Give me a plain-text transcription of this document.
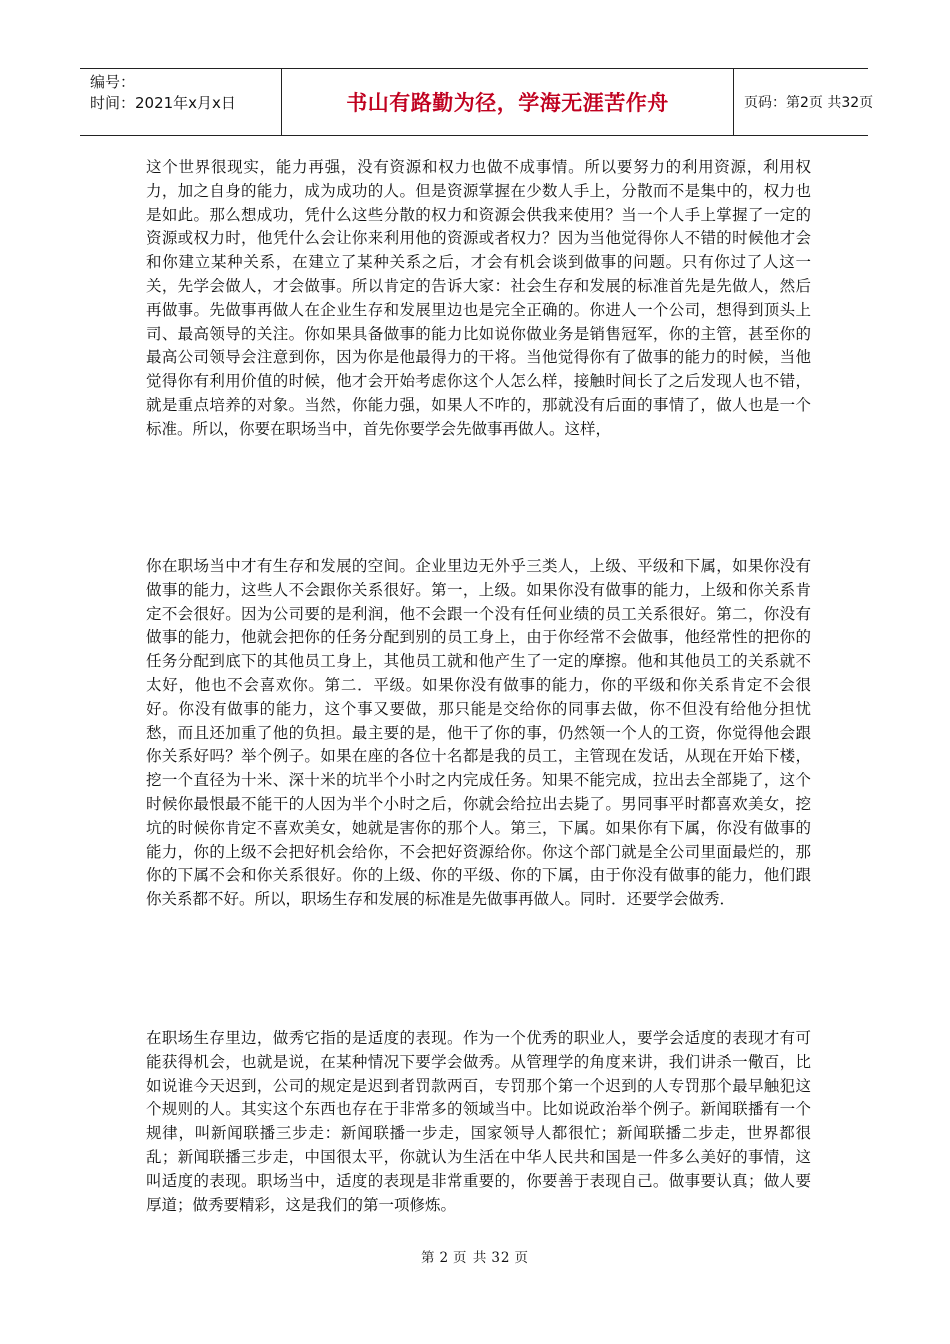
编号：
时间：2021年x月x日	书山有路勤为径，学海无涯苦作舟	页码：第2页 共32页

这个世界很现实，能力再强，没有资源和权力也做不成事情。所以要努力的利用资源，利用权力，加之自身的能力，成为成功的人。但是资源掌握在少数人手上，分散而不是集中的，权力也是如此。那么想成功，凭什么这些分散的权力和资源会供我来使用？当一个人手上掌握了一定的资源或权力时，他凭什么会让你来利用他的资源或者权力？因为当他觉得你人不错的时候他才会和你建立某种关系，在建立了某种关系之后，才会有机会谈到做事的问题。只有你过了人这一关，先学会做人，才会做事。所以肯定的告诉大家：社会生存和发展的标准首先是先做人，然后再做事。先做事再做人在企业生存和发展里边也是完全正确的。你进人一个公司，想得到顶头上司、最高领导的关注。你如果具备做事的能力比如说你做业务是销售冠军，你的主管，甚至你的最高公司领导会注意到你，因为你是他最得力的干将。当他觉得你有了做事的能力的时候，当他觉得你有利用价值的时候，他才会开始考虑你这个人怎么样，接触时间长了之后发现人也不错，就是重点培养的对象。当然，你能力强，如果人不咋的，那就没有后面的事情了，做人也是一个标准。所以，你要在职场当中，首先你要学会先做事再做人。这样，

你在职场当中才有生存和发展的空间。企业里边无外乎三类人，上级、平级和下属，如果你没有做事的能力，这些人不会跟你关系很好。第一，上级。如果你没有做事的能力，上级和你关系肯定不会很好。因为公司要的是利润，他不会跟一个没有任何业绩的员工关系很好。第二，你没有做事的能力，他就会把你的任务分配到别的员工身上，由于你经常不会做事，他经常性的把你的任务分配到底下的其他员工身上，其他员工就和他产生了一定的摩擦。他和其他员工的关系就不太好，他也不会喜欢你。第二．平级。如果你没有做事的能力，你的平级和你关系肯定不会很好。你没有做事的能力，这个事又要做，那只能是交给你的同事去做，你不但没有给他分担忧愁，而且还加重了他的负担。最主要的是，他干了你的事，仍然领一个人的工资，你觉得他会跟你关系好吗？举个例子。如果在座的各位十名都是我的员工，主管现在发话，从现在开始下楼，挖一个直径为十米、深十米的坑半个小时之内完成任务。知果不能完成，拉出去全部毙了，这个时候你最恨最不能干的人因为半个小时之后，你就会给拉出去毙了。男同事平时都喜欢美女，挖坑的时候你肯定不喜欢美女，她就是害你的那个人。第三，下属。如果你有下属，你没有做事的能力，你的上级不会把好机会给你，不会把好资源给你。你这个部门就是全公司里面最烂的，那你的下属不会和你关系很好。你的上级、你的平级、你的下属，由于你没有做事的能力，他们跟你关系都不好。所以，职场生存和发展的标准是先做事再做人。同时．还要学会做秀．

在职场生存里边，做秀它指的是适度的表现。作为一个优秀的职业人，要学会适度的表现才有可能获得机会，也就是说，在某种情况下要学会做秀。从管理学的角度来讲，我们讲杀一儆百，比如说谁今天迟到，公司的规定是迟到者罚款两百，专罚那个第一个迟到的人专罚那个最早触犯这个规则的人。其实这个东西也存在于非常多的领域当中。比如说政治举个例子。新闻联播有一个规律，叫新闻联播三步走：新闻联播一步走，国家领导人都很忙；新闻联播二步走，世界都很乱；新闻联播三步走，中国很太平，你就认为生活在中华人民共和国是一件多么美好的事情，这叫适度的表现。职场当中，适度的表现是非常重要的，你要善于表现自己。做事要认真；做人要厚道；做秀要精彩，这是我们的第一项修炼。

第 2 页 共 32 页
